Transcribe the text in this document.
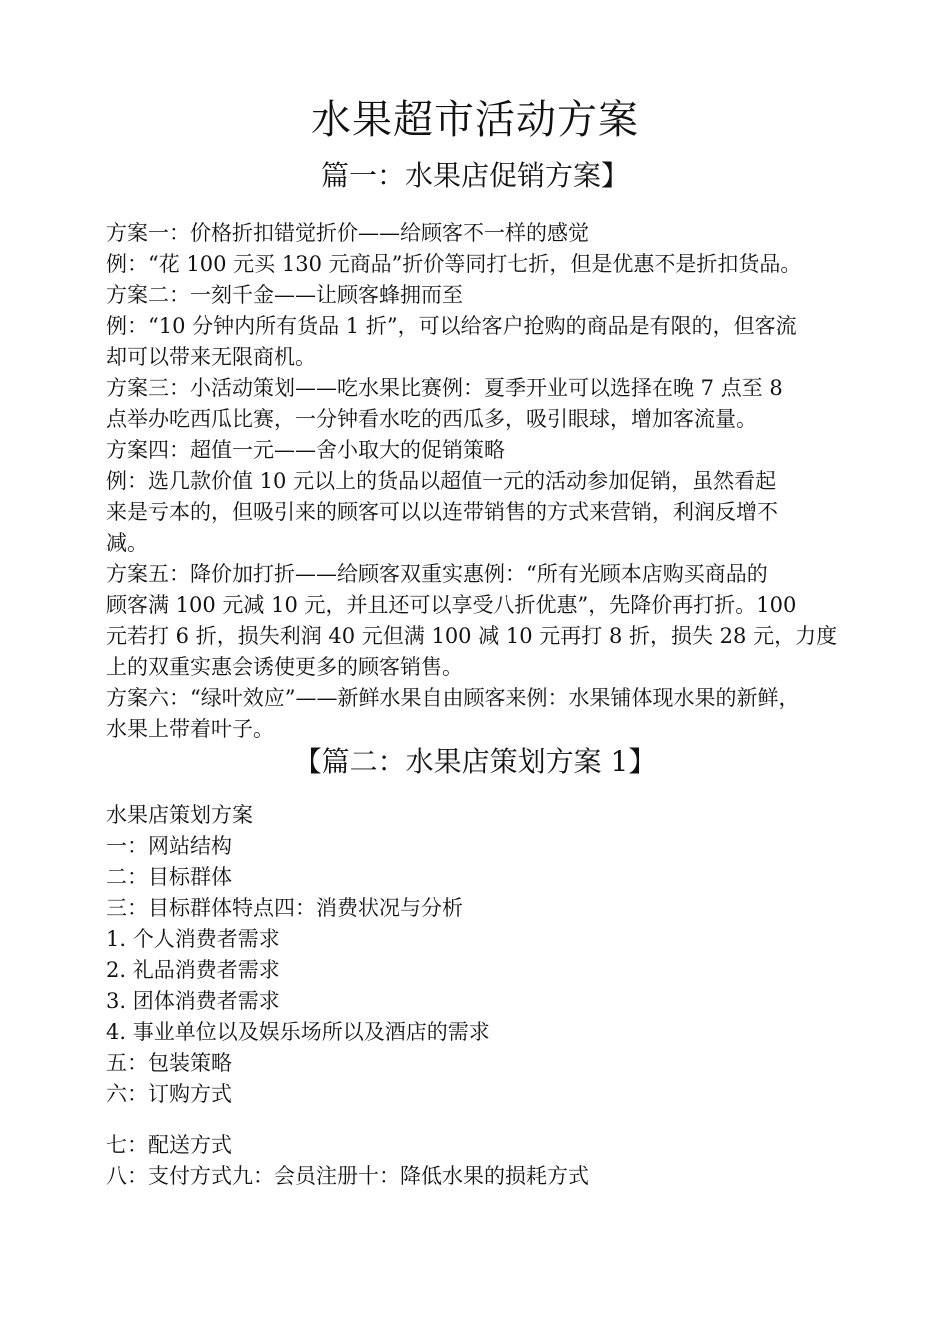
水果超市活动方案
篇一：水果店促销方案】
方案一：价格折扣错觉折价——给顾客不一样的感觉
例：“花 100 元买 130 元商品”折价等同打七折，但是优惠不是折扣货品。
方案二：一刻千金——让顾客蜂拥而至
例：“10 分钟内所有货品 1 折”，可以给客户抢购的商品是有限的，但客流
却可以带来无限商机。
方案三：小活动策划——吃水果比赛例：夏季开业可以选择在晚 7 点至 8
点举办吃西瓜比赛，一分钟看水吃的西瓜多，吸引眼球，增加客流量。
方案四：超值一元——舍小取大的促销策略
例：选几款价值 10 元以上的货品以超值一元的活动参加促销，虽然看起
来是亏本的，但吸引来的顾客可以以连带销售的方式来营销，利润反增不
减。
方案五：降价加打折——给顾客双重实惠例：“所有光顾本店购买商品的
顾客满 100 元减 10 元，并且还可以享受八折优惠”，先降价再打折。100
元若打 6 折，损失利润 40 元但满 100 减 10 元再打 8 折，损失 28 元，力度
上的双重实惠会诱使更多的顾客销售。
方案六：“绿叶效应”——新鲜水果自由顾客来例：水果铺体现水果的新鲜，
水果上带着叶子。
【篇二：水果店策划方案 1】
水果店策划方案
一：网站结构
二：目标群体
三：目标群体特点四：消费状况与分析
1. 个人消费者需求
2. 礼品消费者需求
3. 团体消费者需求
4. 事业单位以及娱乐场所以及酒店的需求
五：包装策略
六：订购方式
七：配送方式
八：支付方式九：会员注册十：降低水果的损耗方式
